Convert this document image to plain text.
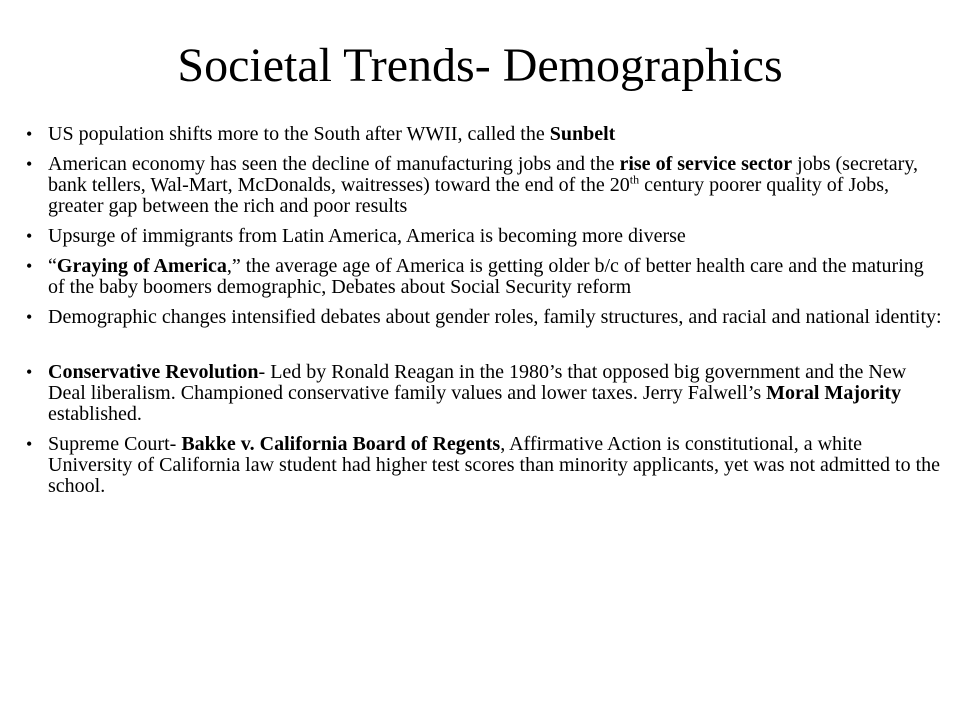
Societal Trends- Demographics
• US population shifts more to the South after WWII, called the Sunbelt
• American economy has seen the decline of manufacturing jobs and the rise of service sector jobs (secretary, bank tellers, Wal-Mart, McDonalds, waitresses) toward the end of the 20th century poorer quality of Jobs, greater gap between the rich and poor results
• Upsurge of immigrants from Latin America, America is becoming more diverse
• “Graying of America,” the average age of America is getting older b/c of better health care and the maturing of the baby boomers demographic, Debates about Social Security reform
• Demographic changes intensified debates about gender roles, family structures, and racial and national identity:
• Conservative Revolution- Led by Ronald Reagan in the 1980’s that opposed big government and the New Deal liberalism. Championed conservative family values and lower taxes. Jerry Falwell’s Moral Majority established.
• Supreme Court- Bakke v. California Board of Regents, Affirmative Action is constitutional, a white University of California law student had higher test scores than minority applicants, yet was not admitted to the school.
